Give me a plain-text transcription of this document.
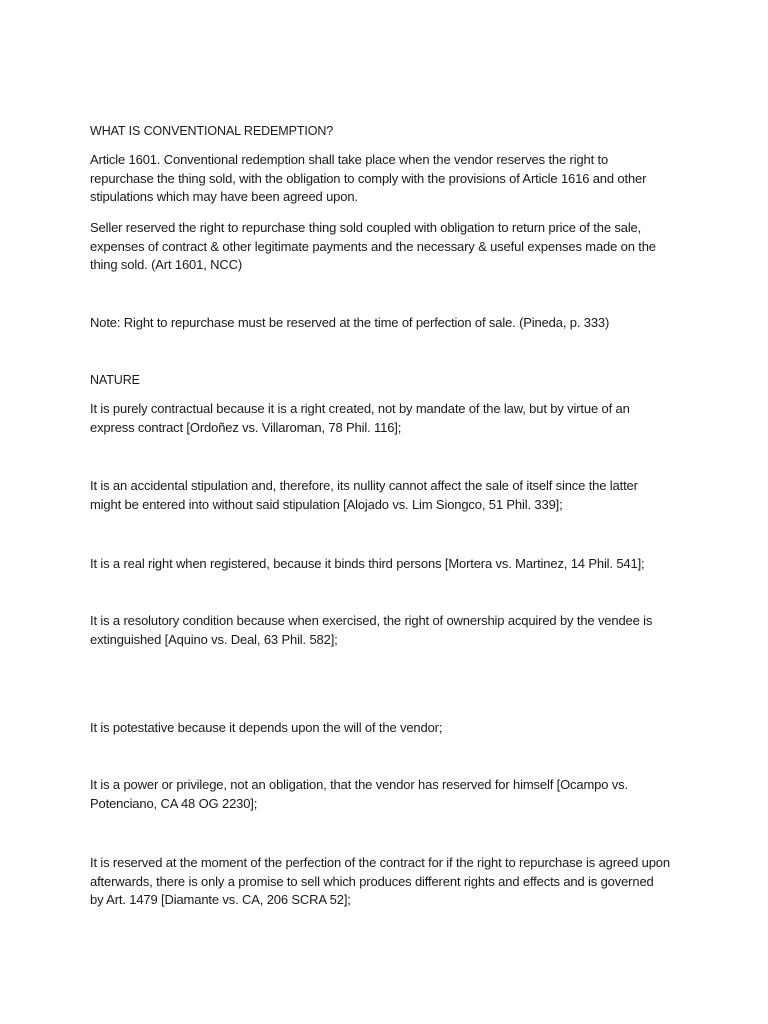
WHAT IS CONVENTIONAL REDEMPTION?

Article 1601. Conventional redemption shall take place when the vendor reserves the right to repurchase the thing sold, with the obligation to comply with the provisions of Article 1616 and other stipulations which may have been agreed upon.

Seller reserved the right to repurchase thing sold coupled with obligation to return price of the sale, expenses of contract & other legitimate payments and the necessary & useful expenses made on the thing sold. (Art 1601, NCC)

Note: Right to repurchase must be reserved at the time of perfection of sale. (Pineda, p. 333)

NATURE

It is purely contractual because it is a right created, not by mandate of the law, but by virtue of an express contract [Ordoñez vs. Villaroman, 78 Phil. 116];

It is an accidental stipulation and, therefore, its nullity cannot affect the sale of itself since the latter might be entered into without said stipulation [Alojado vs. Lim Siongco, 51 Phil. 339];

It is a real right when registered, because it binds third persons [Mortera vs. Martinez, 14 Phil. 541];

It is a resolutory condition because when exercised, the right of ownership acquired by the vendee is extinguished [Aquino vs. Deal, 63 Phil. 582];

It is potestative because it depends upon the will of the vendor;

It is a power or privilege, not an obligation, that the vendor has reserved for himself [Ocampo vs. Potenciano, CA 48 OG 2230];

It is reserved at the moment of the perfection of the contract for if the right to repurchase is agreed upon afterwards, there is only a promise to sell which produces different rights and effects and is governed by Art. 1479 [Diamante vs. CA, 206 SCRA 52];
